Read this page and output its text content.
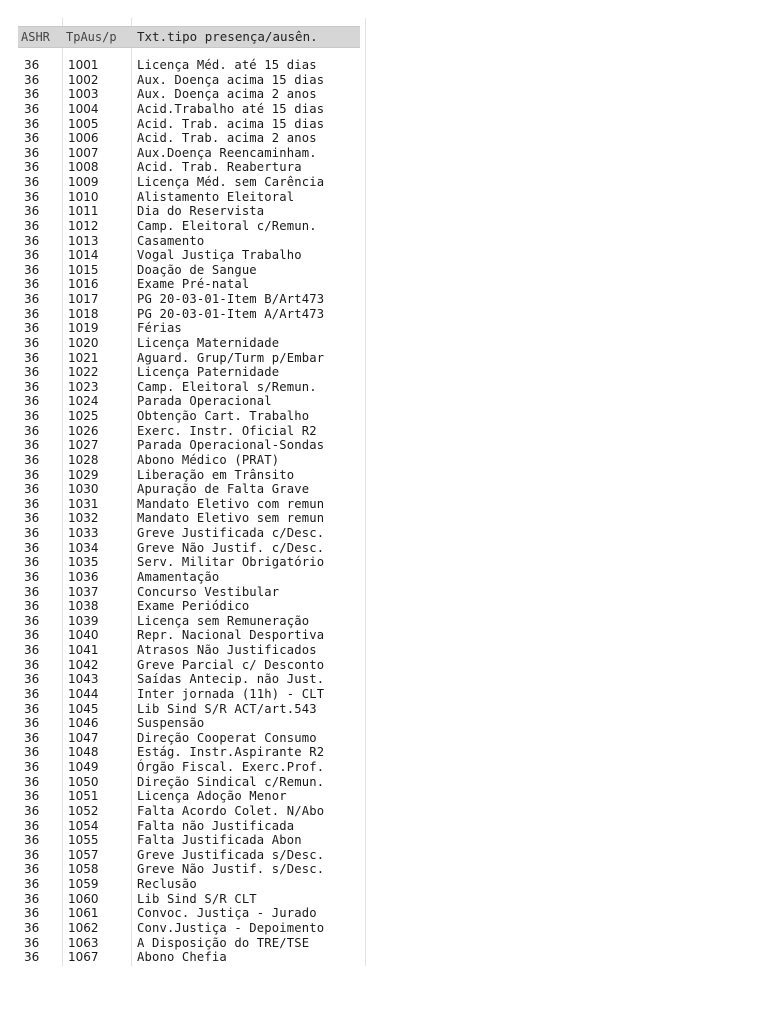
ASHR TpAus/p Txt.tipo presença/ausên.
36 1001	Licença Méd. até 15 dias
36 1002	Aux. Doença acima 15 dias
36 1003	Aux. Doença acima 2 anos
36 1004	Acid.Trabalho até 15 dias
36 1005	Acid. Trab. acima 15 dias
36 1006	Acid. Trab. acima 2 anos
36 1007	Aux.Doença Reencaminham.
36 1008	Acid. Trab. Reabertura
36 1009	Licença Méd. sem Carência
36 1010	Alistamento Eleitoral
36 1011	Dia do Reservista
36 1012	Camp. Eleitoral c/Remun.
36 1013	Casamento
36 1014	Vogal Justiça Trabalho
36 1015	Doação de Sangue
36 1016	Exame Pré-natal
36 1017	PG 20-03-01-Item B/Art473
36 1018	PG 20-03-01-Item A/Art473
36 1019	Férias
36 1020	Licença Maternidade
36 1021	Aguard. Grup/Turm p/Embar
36 1022	Licença Paternidade
36 1023	Camp. Eleitoral s/Remun.
36 1024	Parada Operacional
36 1025	Obtenção Cart. Trabalho
36 1026	Exerc. Instr. Oficial R2
36 1027	Parada Operacional-Sondas
36 1028	Abono Médico (PRAT)
36 1029	Liberação em Trânsito
36 1030	Apuração de Falta Grave
36 1031	Mandato Eletivo com remun
36 1032	Mandato Eletivo sem remun
36 1033	Greve Justificada c/Desc.
36 1034	Greve Não Justif. c/Desc.
36 1035	Serv. Militar Obrigatório
36 1036	Amamentação
36 1037	Concurso Vestibular
36 1038	Exame Periódico
36 1039	Licença sem Remuneração
36 1040	Repr. Nacional Desportiva
36 1041	Atrasos Não Justificados
36 1042	Greve Parcial c/ Desconto
36 1043	Saídas Antecip. não Just.
36 1044	Inter jornada (11h) - CLT
36 1045	Lib Sind S/R ACT/art.543
36 1046	Suspensão
36 1047	Direção Cooperat Consumo
36 1048	Estág. Instr.Aspirante R2
36 1049	Órgão Fiscal. Exerc.Prof.
36 1050	Direção Sindical c/Remun.
36 1051	Licença Adoção Menor
36 1052	Falta Acordo Colet. N/Abo
36 1054	Falta não Justificada
36 1055	Falta Justificada Abon
36 1057	Greve Justificada s/Desc.
36 1058	Greve Não Justif. s/Desc.
36 1059	Reclusão
36 1060	Lib Sind S/R CLT
36 1061	Convoc. Justiça - Jurado
36 1062	Conv.Justiça - Depoimento
36 1063	A Disposição do TRE/TSE
36 1067	Abono Chefia
